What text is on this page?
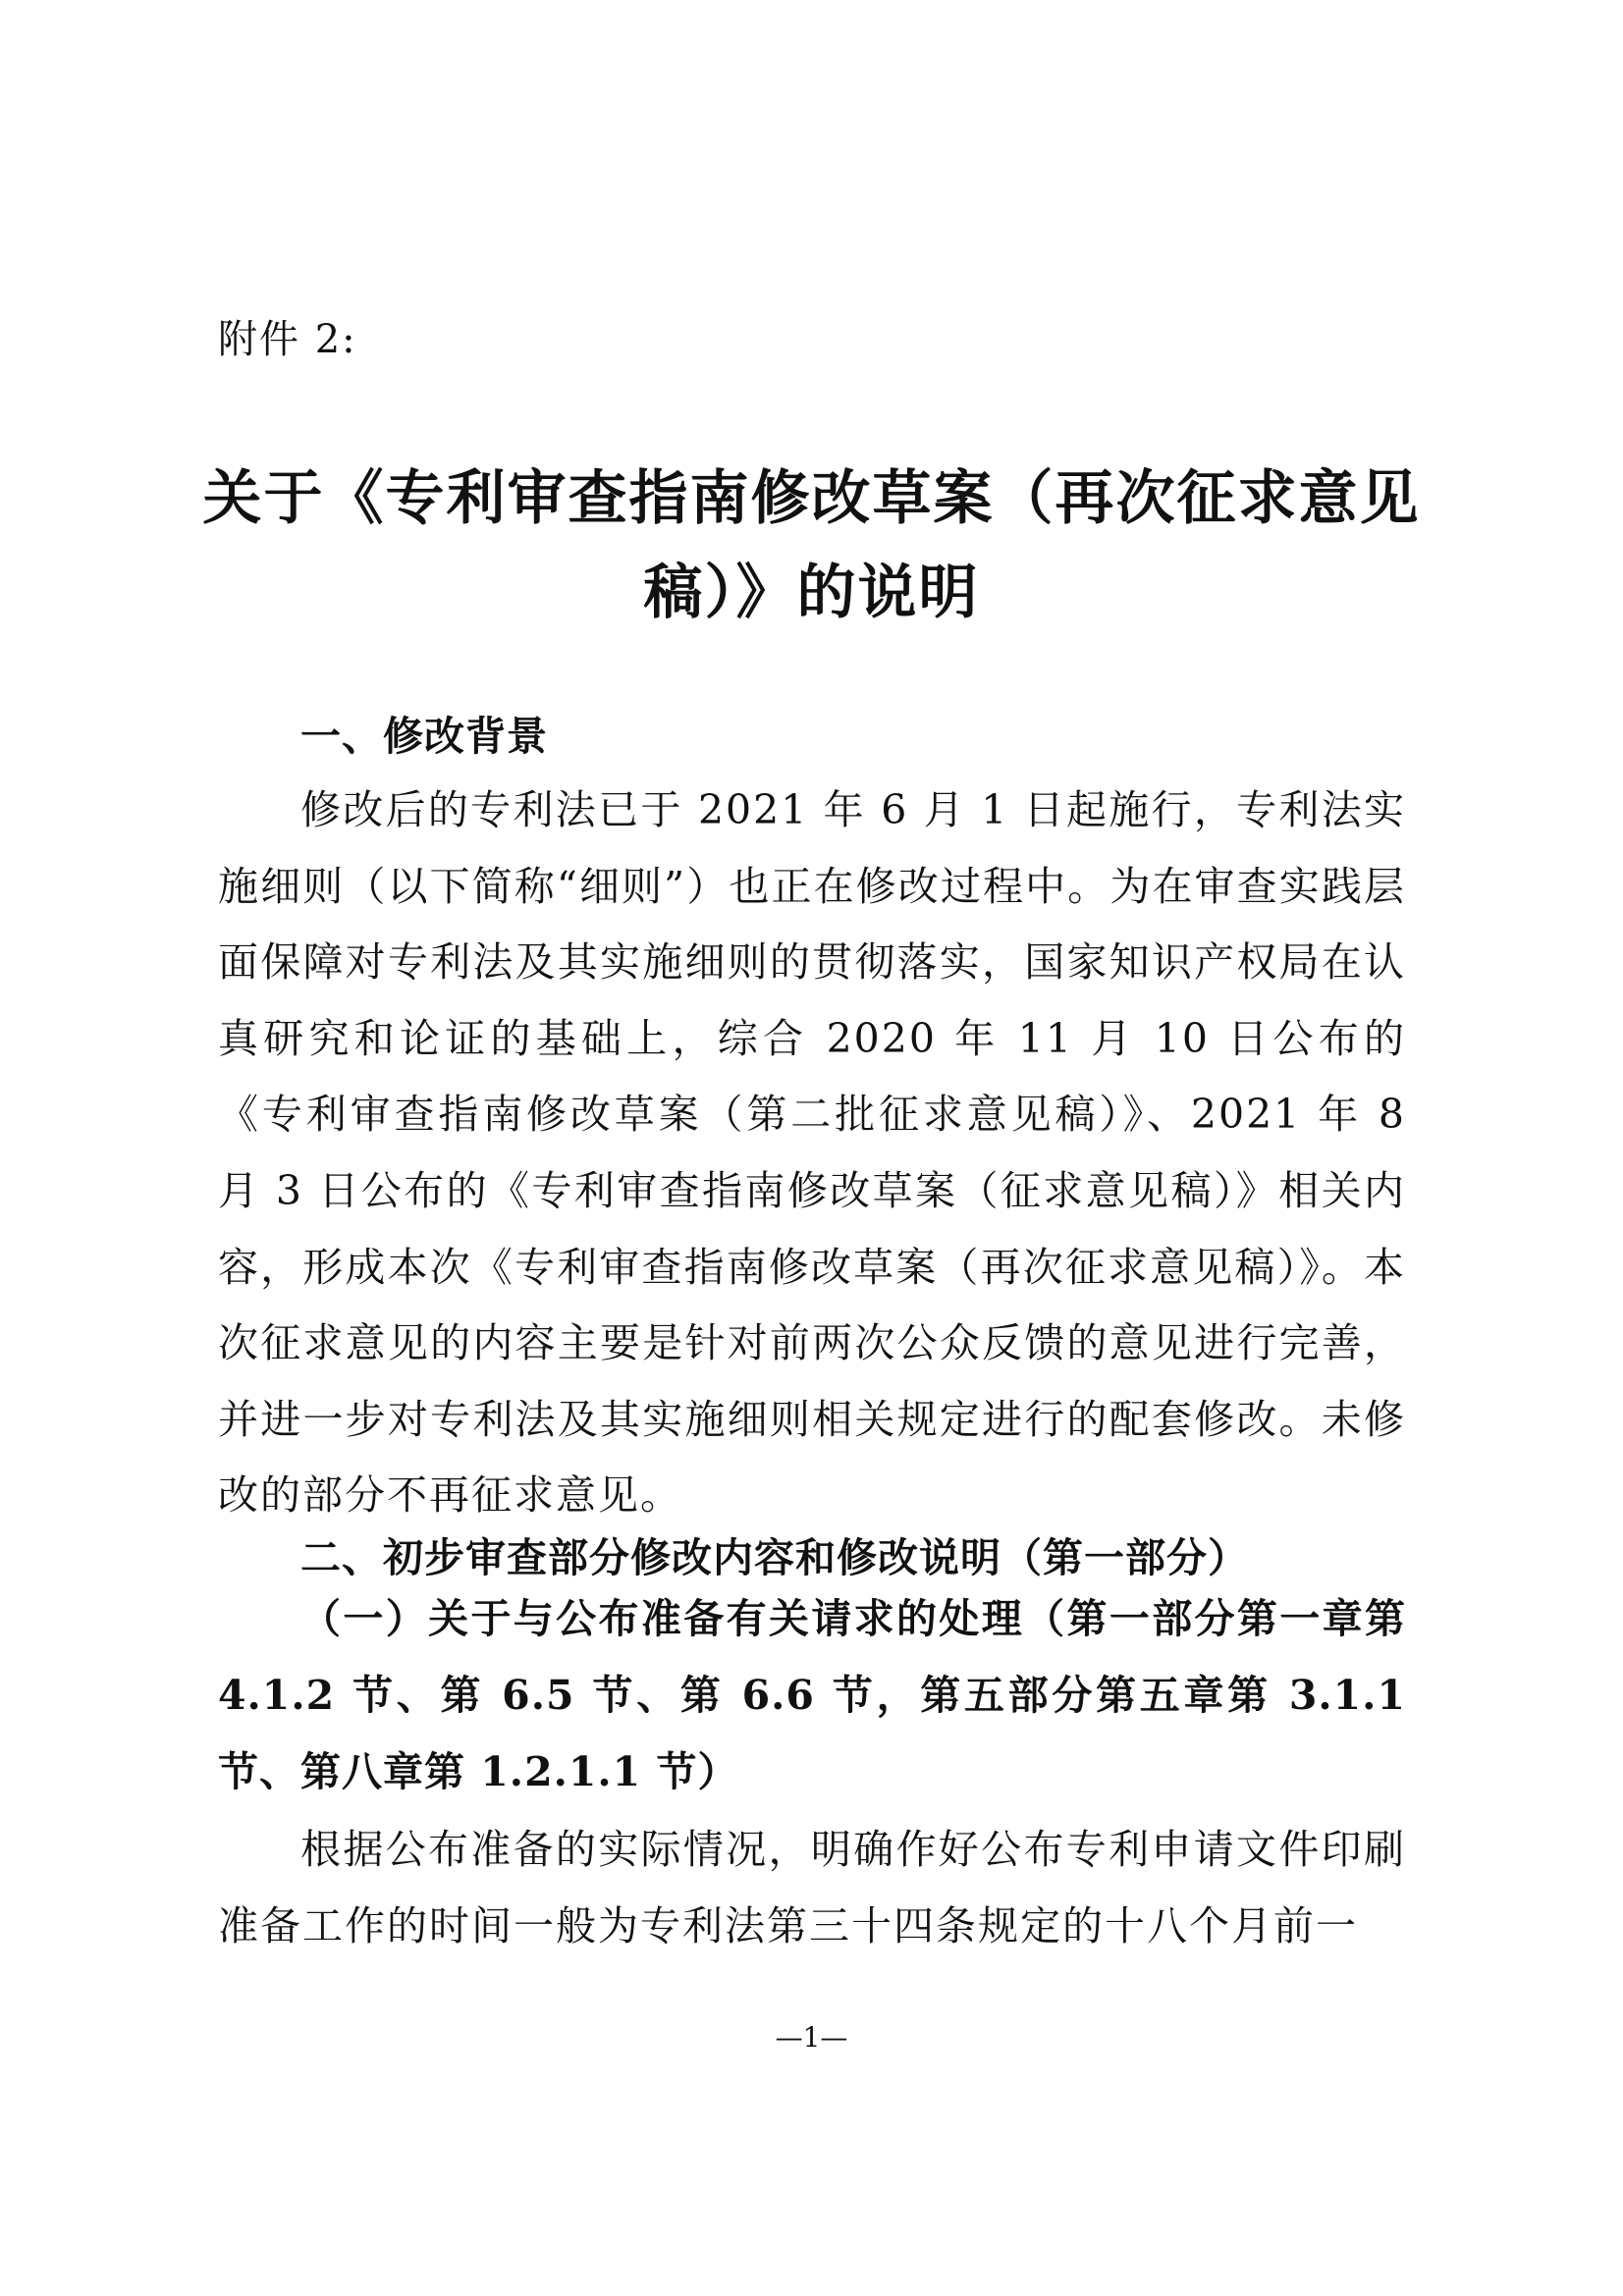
附件 2:
关于《专利审查指南修改草案（再次征求意见
稿）》的说明
一、修改背景
修改后的专利法已于 2021 年 6 月 1 日起施行，专利法实施细则（以下简称“细则”）也正在修改过程中。为在审查实践层面保障对专利法及其实施细则的贯彻落实，国家知识产权局在认真研究和论证的基础上，综合 2020 年 11 月 10 日公布的《专利审查指南修改草案（第二批征求意见稿）》、2021 年 8 月 3 日公布的《专利审查指南修改草案（征求意见稿）》相关内容，形成本次《专利审查指南修改草案（再次征求意见稿）》。本次征求意见的内容主要是针对前两次公众反馈的意见进行完善，并进一步对专利法及其实施细则相关规定进行的配套修改。未修改的部分不再征求意见。
二、初步审查部分修改内容和修改说明（第一部分）
（一）关于与公布准备有关请求的处理（第一部分第一章第 4.1.2 节、第 6.5 节、第 6.6 节，第五部分第五章第 3.1.1 节、第八章第 1.2.1.1 节）
根据公布准备的实际情况，明确作好公布专利申请文件印刷准备工作的时间一般为专利法第三十四条规定的十八个月前一
—1—
